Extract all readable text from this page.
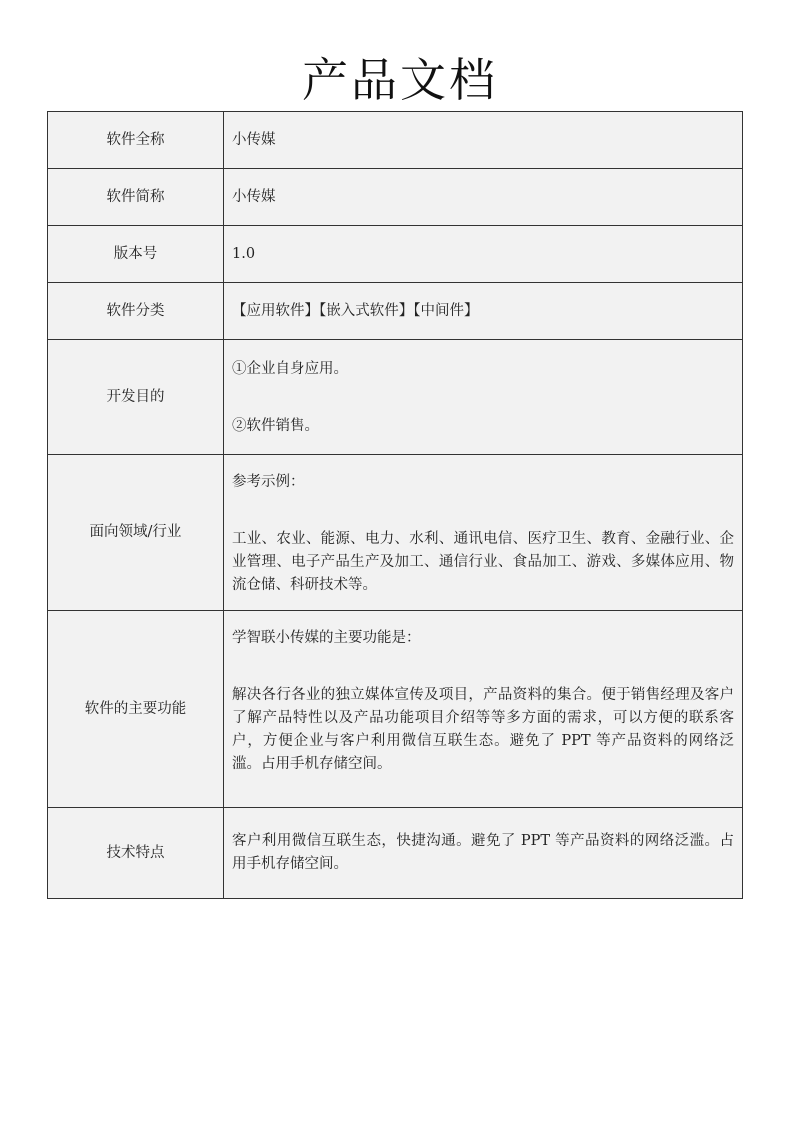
产品文档
软件全称	小传媒
软件简称	小传媒
版本号	1.0
软件分类	【应用软件】【嵌入式软件】【中间件】
开发目的	①企业自身应用。

②软件销售。

面向领域/行业	参考示例：

工业、农业、能源、电力、水利、通讯电信、医疗卫生、教育、金融行业、企业管理、电子产品生产及加工、通信行业、食品加工、游戏、多媒体应用、物流仓储、科研技术等。

软件的主要功能	学智联小传媒的主要功能是：

解决各行各业的独立媒体宣传及项目，产品资料的集合。便于销售经理及客户了解产品特性以及产品功能项目介绍等等多方面的需求，可以方便的联系客户，方便企业与客户利用微信互联生态。避免了 PPT 等产品资料的网络泛滥。占用手机存储空间。

技术特点	客户利用微信互联生态，快捷沟通。避免了 PPT 等产品资料的网络泛滥。占用手机存储空间。
